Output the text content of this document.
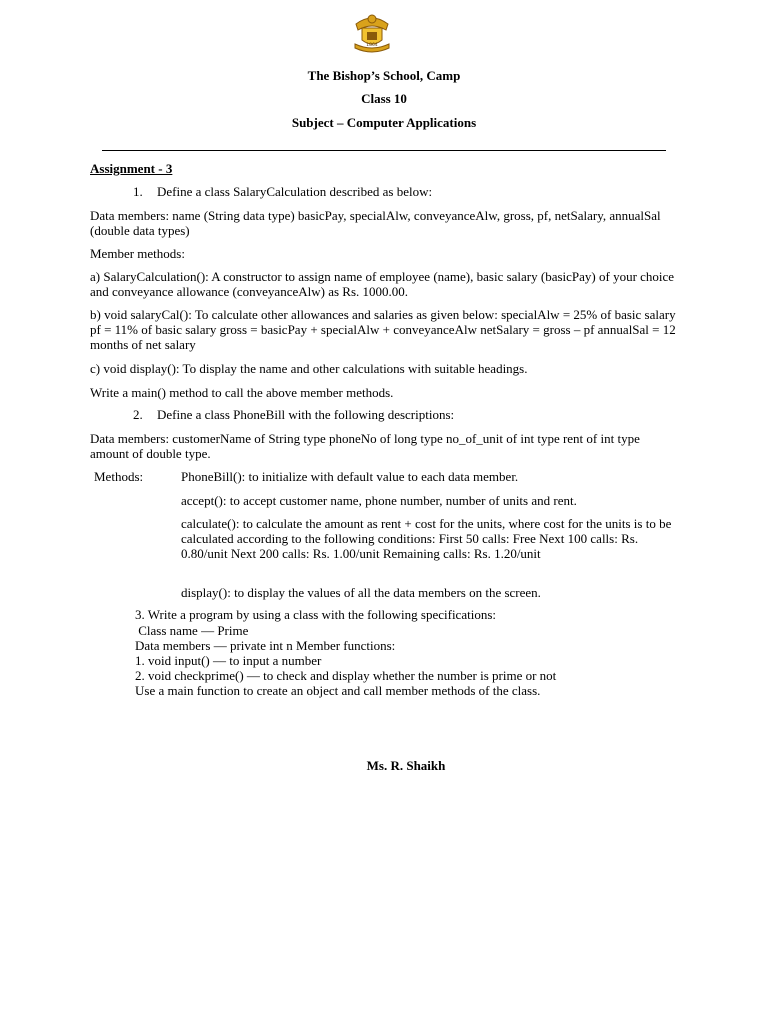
1864
The Bishop’s School, Camp
Class 10
Subject – Computer Applications
Assignment - 3
1. Define a class SalaryCalculation described as below:
Data members: name (String data type) basicPay, specialAlw, conveyanceAlw, gross, pf, netSalary, annualSal (double data types)
Member methods:
a) SalaryCalculation(): A constructor to assign name of employee (name), basic salary (basicPay) of your choice and conveyance allowance (conveyanceAlw) as Rs. 1000.00.
b) void salaryCal(): To calculate other allowances and salaries as given below: specialAlw = 25% of basic salary pf = 11% of basic salary gross = basicPay + specialAlw + conveyanceAlw netSalary = gross – pf annualSal = 12 months of net salary
c) void display(): To display the name and other calculations with suitable headings.
Write a main() method to call the above member methods.
2. Define a class PhoneBill with the following descriptions:
Data members: customerName of String type phoneNo of long type no_of_unit of int type rent of int type amount of double type.
Methods:	PhoneBill(): to initialize with default value to each data member.
accept(): to accept customer name, phone number, number of units and rent.
calculate(): to calculate the amount as rent + cost for the units, where cost for the units is to be calculated according to the following conditions: First 50 calls: Free Next 100 calls: Rs. 0.80/unit Next 200 calls: Rs. 1.00/unit Remaining calls: Rs. 1.20/unit
display(): to display the values of all the data members on the screen.
3. Write a program by using a class with the following specifications:
Class name — Prime
Data members — private int n Member functions:
1. void input() — to input a number
2. void checkprime() — to check and display whether the number is prime or not
Use a main function to create an object and call member methods of the class.
Ms. R. Shaikh
